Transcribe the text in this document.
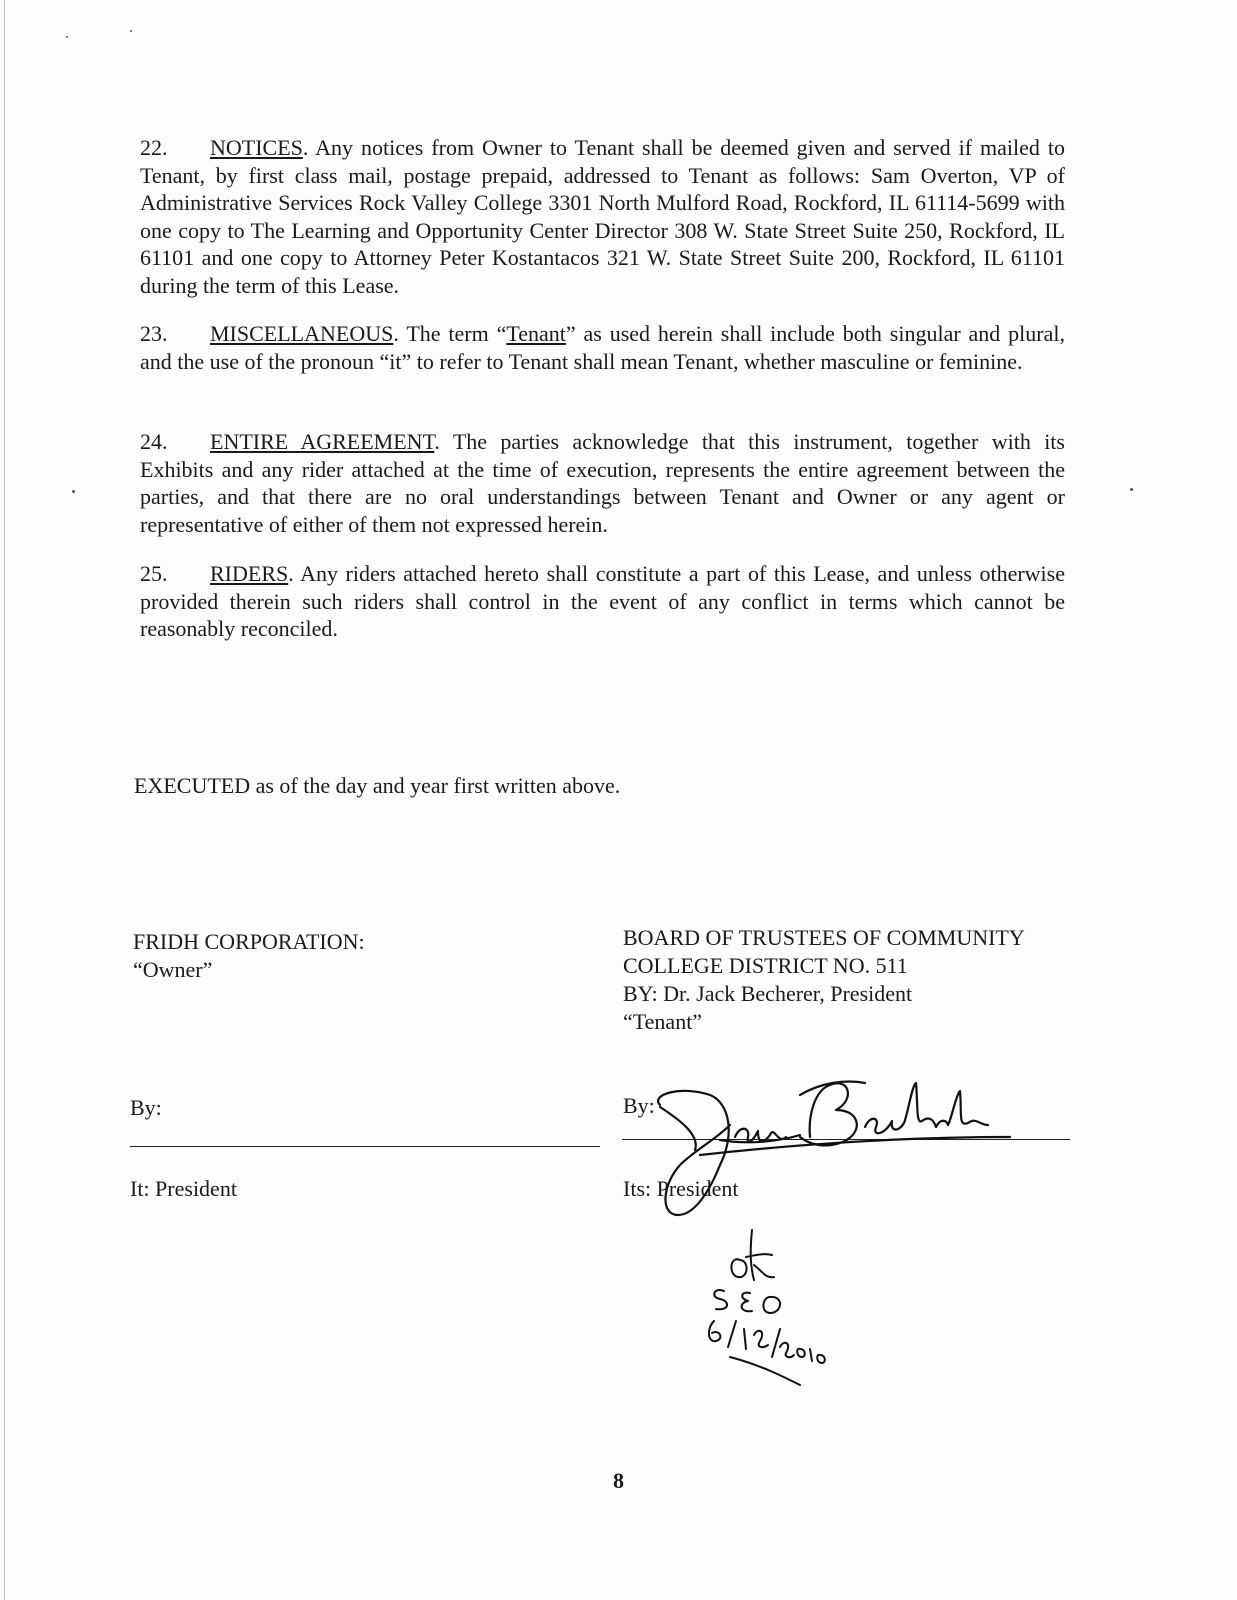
22. NOTICES. Any notices from Owner to Tenant shall be deemed given and served if mailed to Tenant, by first class mail, postage prepaid, addressed to Tenant as follows: Sam Overton, VP of Administrative Services Rock Valley College 3301 North Mulford Road, Rockford, IL 61114-5699 with one copy to The Learning and Opportunity Center Director 308 W. State Street Suite 250, Rockford, IL 61101 and one copy to Attorney Peter Kostantacos 321 W. State Street Suite 200, Rockford, IL 61101 during the term of this Lease.

23. MISCELLANEOUS. The term “Tenant” as used herein shall include both singular and plural, and the use of the pronoun “it” to refer to Tenant shall mean Tenant, whether masculine or feminine.

24. ENTIRE AGREEMENT. The parties acknowledge that this instrument, together with its Exhibits and any rider attached at the time of execution, represents the entire agreement between the parties, and that there are no oral understandings between Tenant and Owner or any agent or representative of either of them not expressed herein.

25. RIDERS. Any riders attached hereto shall constitute a part of this Lease, and unless otherwise provided therein such riders shall control in the event of any conflict in terms which cannot be reasonably reconciled.

EXECUTED as of the day and year first written above.

FRIDH CORPORATION:
“Owner”
BOARD OF TRUSTEES OF COMMUNITY
COLLEGE DISTRICT NO. 511
BY: Dr. Jack Becherer, President
“Tenant”

By:

It: President

By:

Its: President

8
